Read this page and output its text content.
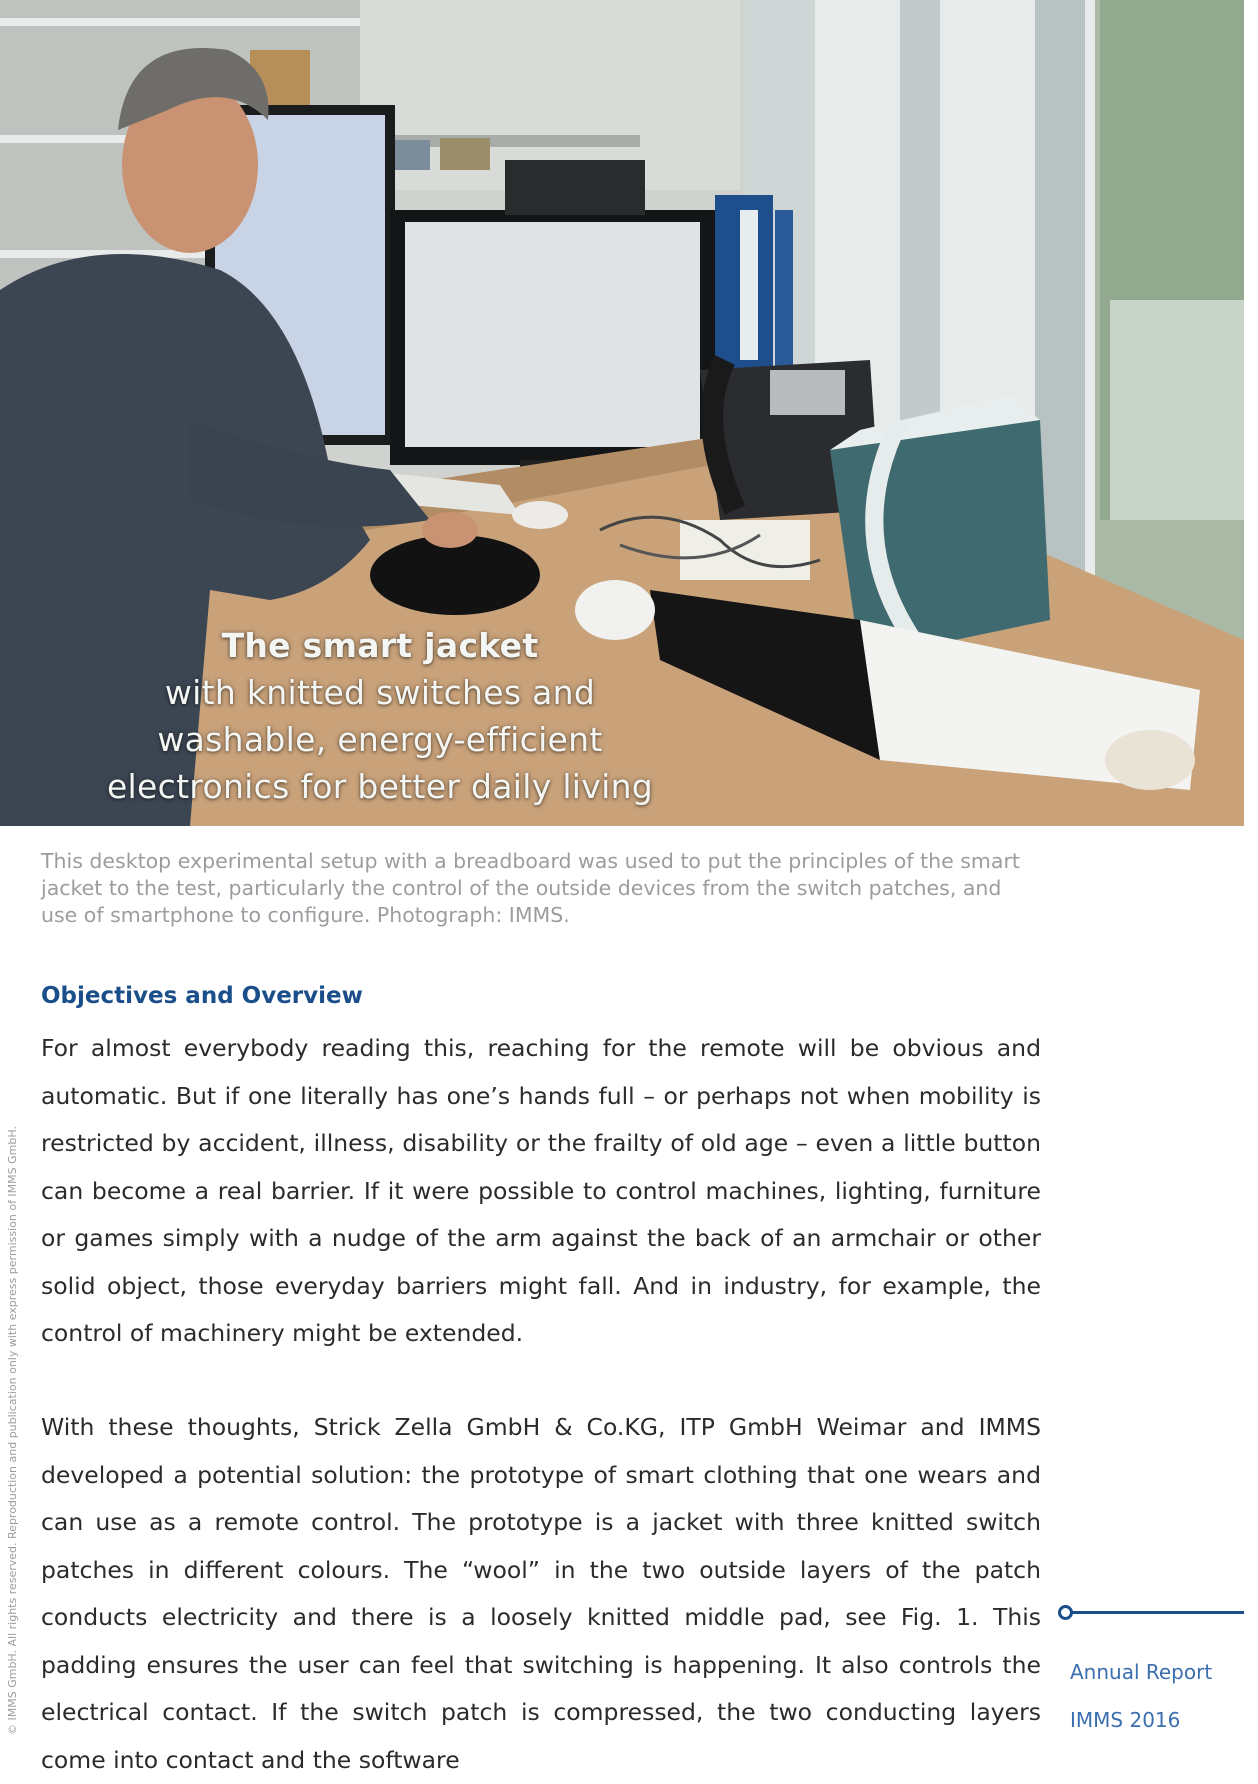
The smart jacket
with knitted switches and
washable, energy-efficient
electronics for better daily living
This desktop experimental setup with a breadboard was used to put the principles of the smart jacket to the test, particularly the control of the outside devices from the switch patches, and use of smartphone to configure. Photograph: IMMS.
© IMMS GmbH. All rights reserved. Reproduction and publication only with express permission of IMMS GmbH.
Objectives and Overview
For almost everybody reading this, reaching for the remote will be obvious and automatic. But if one literally has one’s hands full – or perhaps not when mobility is restricted by accident, illness, disability or the frailty of old age – even a little button can become a real barrier. If it were possible to control machines, lighting, furniture or games simply with a nudge of the arm against the back of an armchair or other solid object, those everyday barriers might fall. And in industry, for example, the control of machinery might be extended.
With these thoughts, Strick Zella GmbH & Co.KG, ITP GmbH Weimar and IMMS developed a potential solution: the prototype of smart clothing that one wears and can use as a remote control. The prototype is a jacket with three knitted switch patches in different colours. The “wool” in the two outside layers of the patch conducts electricity and there is a loosely knitted middle pad, see Fig. 1. This padding ensures the user can feel that switching is happening. It also controls the electrical contact. If the switch patch is compressed, the two conducting layers come into contact and the software
Annual Report
IMMS 2016
